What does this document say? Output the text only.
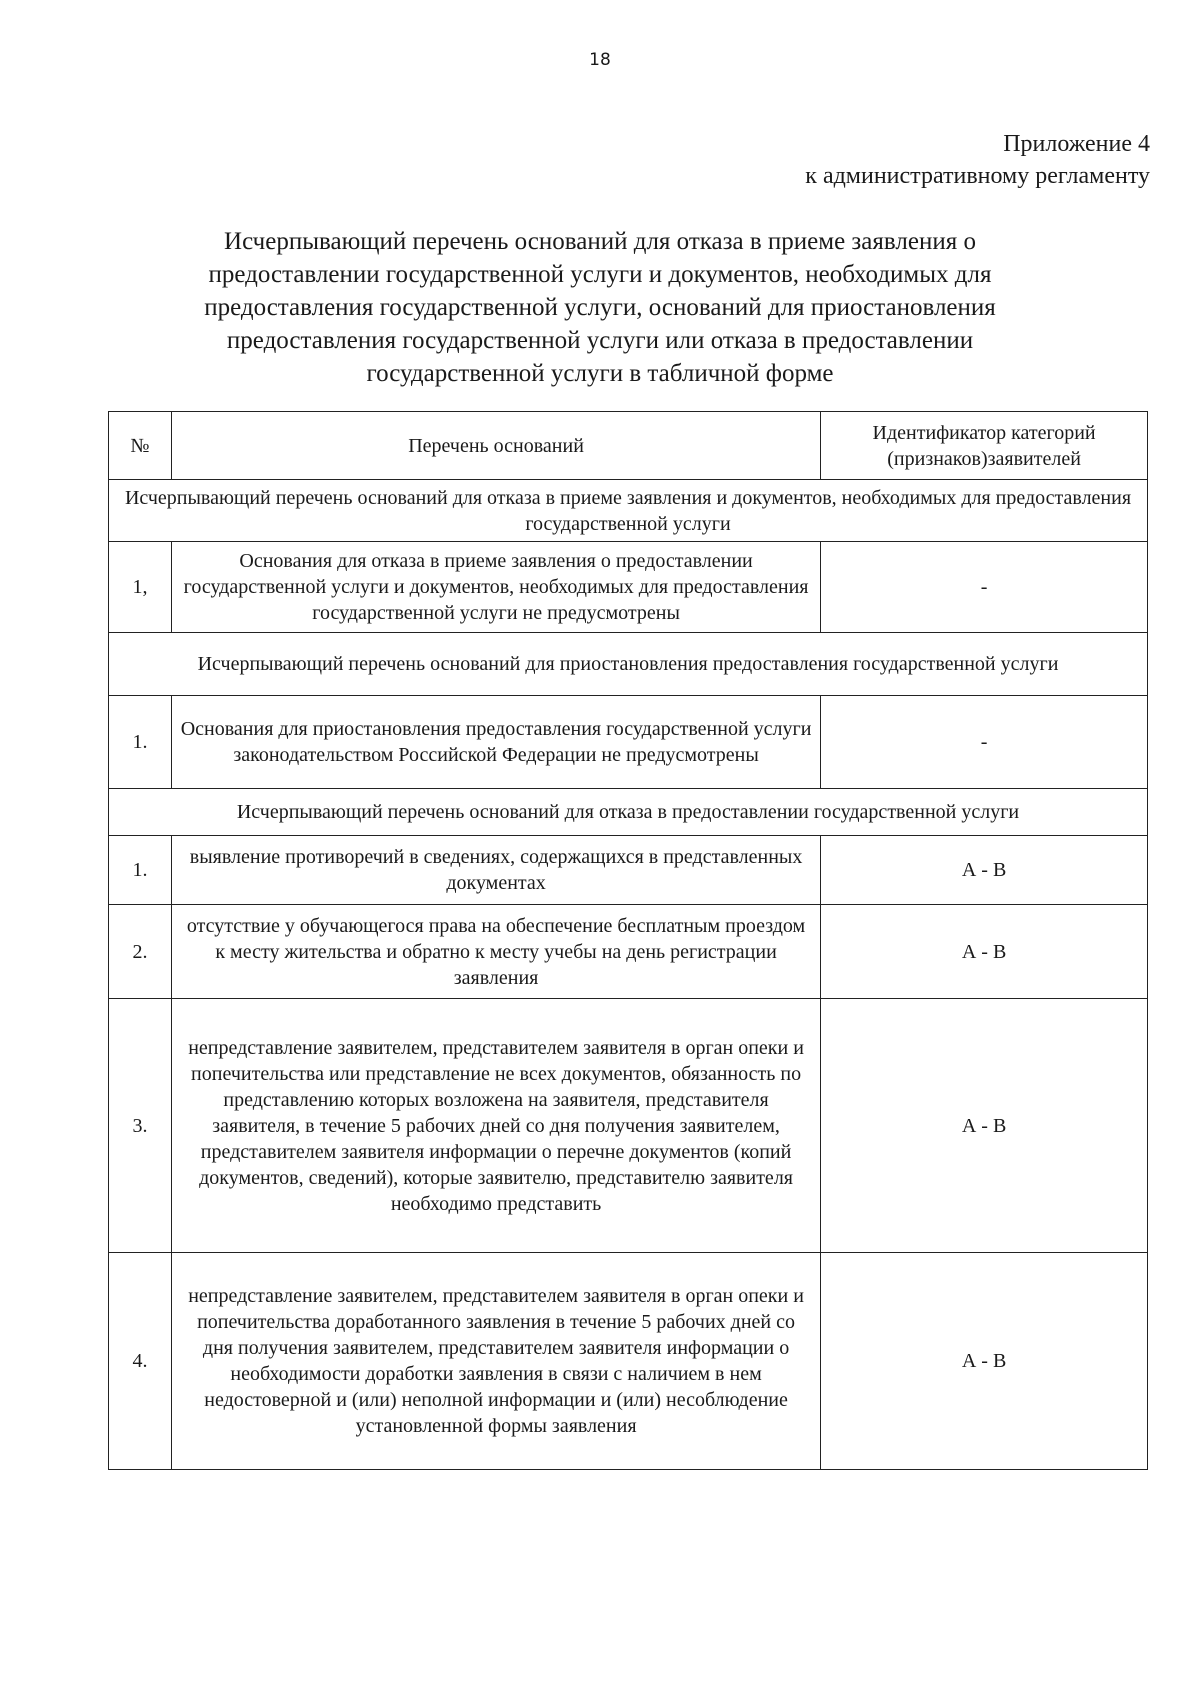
18
Приложение 4
к административному регламенту
Исчерпывающий перечень оснований для отказа в приеме заявления о предоставлении государственной услуги и документов, необходимых для предоставления государственной услуги, оснований для приостановления предоставления государственной услуги или отказа в предоставлении государственной услуги в табличной форме
№	Перечень оснований	Идентификатор категорий (признаков)заявителей
Исчерпывающий перечень оснований для отказа в приеме заявления и документов, необходимых для предоставления государственной услуги		
1,	Основания для отказа в приеме заявления о предоставлении государственной услуги и документов, необходимых для предоставления государственной услуги не предусмотрены	-
Исчерпывающий перечень оснований для приостановления предоставления государственной услуги		
1.	Основания для приостановления предоставления государственной услуги законодательством Российской Федерации не предусмотрены	-
Исчерпывающий перечень оснований для отказа в предоставлении государственной услуги		
1.	выявление противоречий в сведениях, содержащихся в представленных документах	А - В
2.	отсутствие у обучающегося права на обеспечение бесплатным проездом к месту жительства и обратно к месту учебы на день регистрации заявления	А - В
3.	непредставление заявителем, представителем заявителя в орган опеки и попечительства или представление не всех документов, обязанность по представлению которых возложена на заявителя, представителя заявителя, в течение 5 рабочих дней со дня получения заявителем, представителем заявителя информации о перечне документов (копий документов, сведений), которые заявителю, представителю заявителя необходимо представить	А - В
4.	непредставление заявителем, представителем заявителя в орган опеки и попечительства доработанного заявления в течение 5 рабочих дней со дня получения заявителем, представителем заявителя информации о необходимости доработки заявления в связи с наличием в нем недостоверной и (или) неполной информации и (или) несоблюдение установленной формы заявления	А - В
